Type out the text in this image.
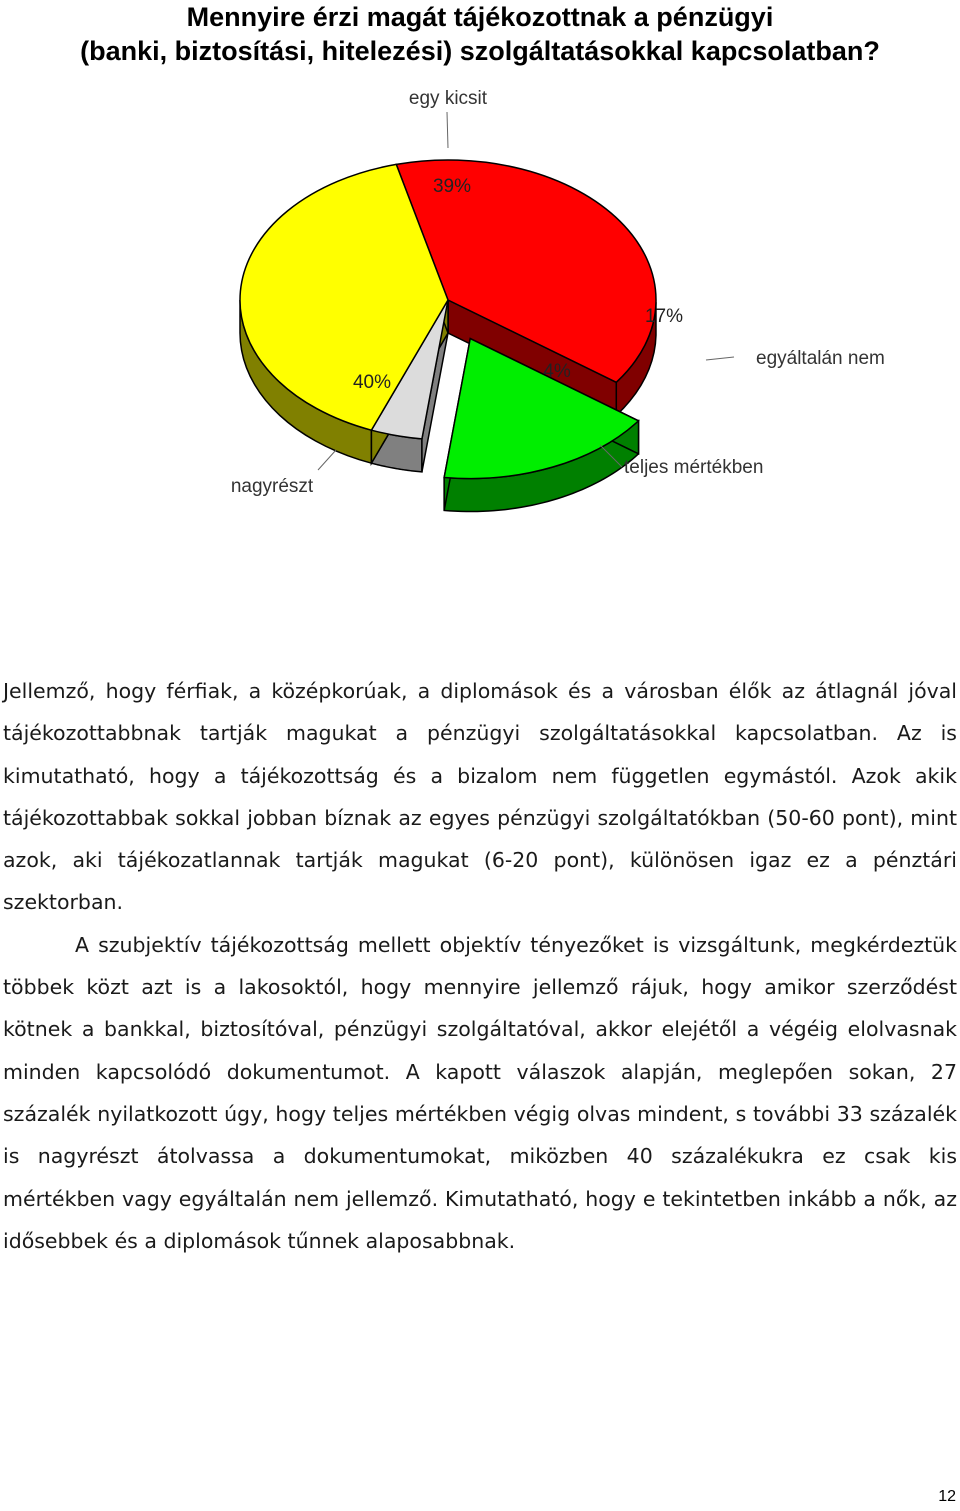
Mennyire érzi magát tájékozottnak a pénzügyi
(banki, biztosítási, hitelezési) szolgáltatásokkal kapcsolatban?
39%
egy kicsit
17%
egyáltalán nem
4%
teljes mértékben
40%
nagyrészt

Jellemző, hogy férfiak, a középkorúak, a diplomások és a városban élők az átlagnál jóval tájékozottabbnak tartják magukat a pénzügyi szolgáltatásokkal kapcsolatban. Az is kimutatható, hogy a tájékozottság és a bizalom nem független egymástól. Azok akik tájékozottabbak sokkal jobban bíznak az egyes pénzügyi szolgáltatókban (50-60 pont), mint azok, aki tájékozatlannak tartják magukat (6-20 pont), különösen igaz ez a pénztári szektorban.

A szubjektív tájékozottság mellett objektív tényezőket is vizsgáltunk, megkérdeztük többek közt azt is a lakosoktól, hogy mennyire jellemző rájuk, hogy amikor szerződést kötnek a bankkal, biztosítóval, pénzügyi szolgáltatóval, akkor elejétől a végéig elolvasnak minden kapcsolódó dokumentumot. A kapott válaszok alapján, meglepően sokan, 27 százalék nyilatkozott úgy, hogy teljes mértékben végig olvas mindent, s további 33 százalék is nagyrészt átolvassa a dokumentumokat, miközben 40 százalékukra ez csak kis mértékben vagy egyáltalán nem jellemző. Kimutatható, hogy e tekintetben inkább a nők, az idősebbek és a diplomások tűnnek alaposabbnak.

12
